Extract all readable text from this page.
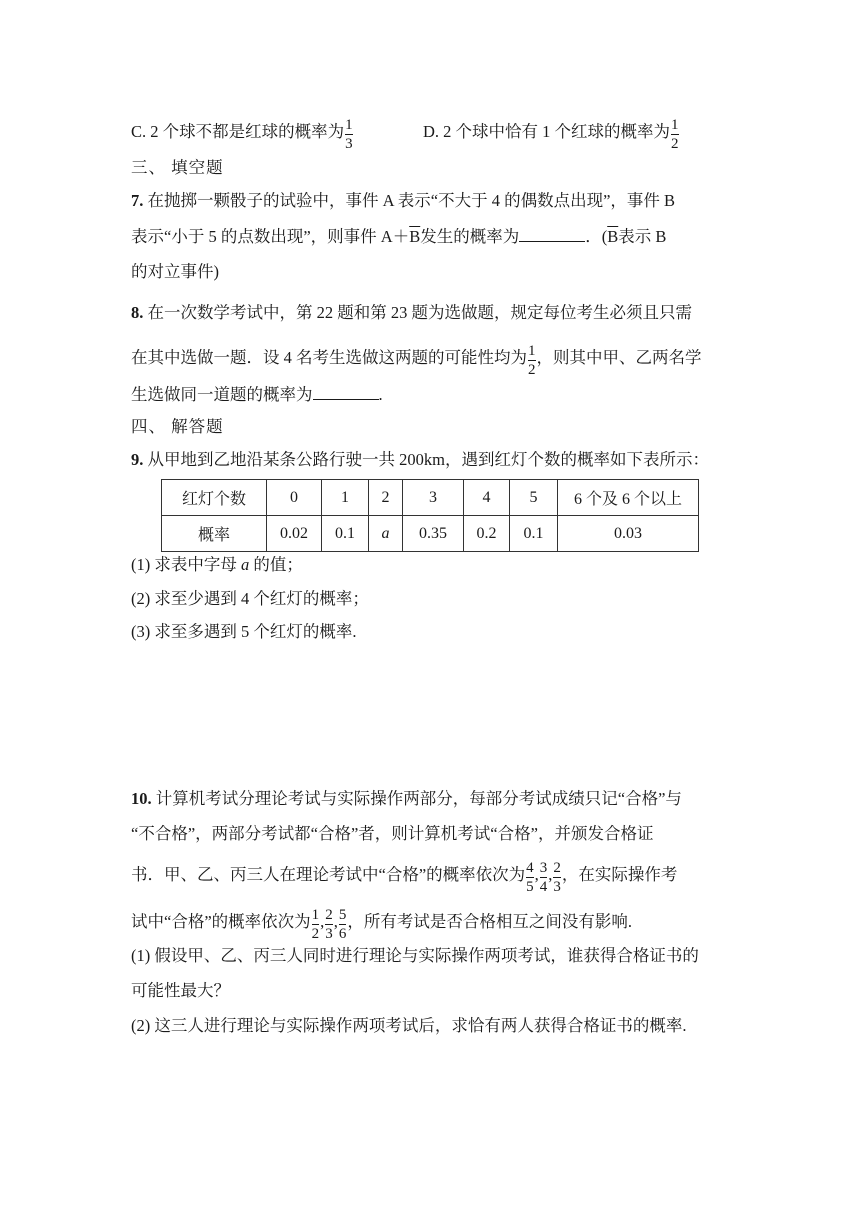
C. 2 个球不都是红球的概率为 $\frac{1}{3}$	D. 2 个球中恰有 1 个红球的概率为 $\frac{1}{2}$
三、 填空题
7. 在抛掷一颗骰子的试验中，事件 A 表示“不大于 4 的偶数点出现”，事件 B
表示“小于 5 的点数出现”，则事件 $A+\overline{B}$发生的概率为	．($\overline{B}$表示 B
的对立事件)
8. 在一次数学考试中，第 22 题和第 23 题为选做题，规定每位考生必须且只需
在其中选做一题．设 4 名考生选做这两题的可能性均为 $\frac{1}{2}$ ，则其中甲、乙两名学
生选做同一道题的概率为	.
四、 解答题
9. 从甲地到乙地沿某条公路行驶一共 200km，遇到红灯个数的概率如下表所示：
红灯个数	0	1	2	3	4	5	6 个及 6 个以上
概率	0.02	0.1	a	0.35	0.2	0.1	0.03
(1) 求表中字母 a 的值；
(2) 求至少遇到 4 个红灯的概率；
(3) 求至多遇到 5 个红灯的概率.
10. 计算机考试分理论考试与实际操作两部分，每部分考试成绩只记“合格”与
“不合格”，两部分考试都“合格”者，则计算机考试“合格”，并颁发合格证
书．甲、乙、丙三人在理论考试中“合格”的概率依次为 $\frac{4}{5}$ , $\frac{3}{4}$ , $\frac{2}{3}$ ，在实际操作考
试中“合格”的概率依次为 $\frac{1}{2}$ , $\frac{2}{3}$ , $\frac{5}{6}$ ，所有考试是否合格相互之间没有影响.
(1) 假设甲、乙、丙三人同时进行理论与实际操作两项考试，谁获得合格证书的
可能性最大？
(2) 这三人进行理论与实际操作两项考试后，求恰有两人获得合格证书的概率.
